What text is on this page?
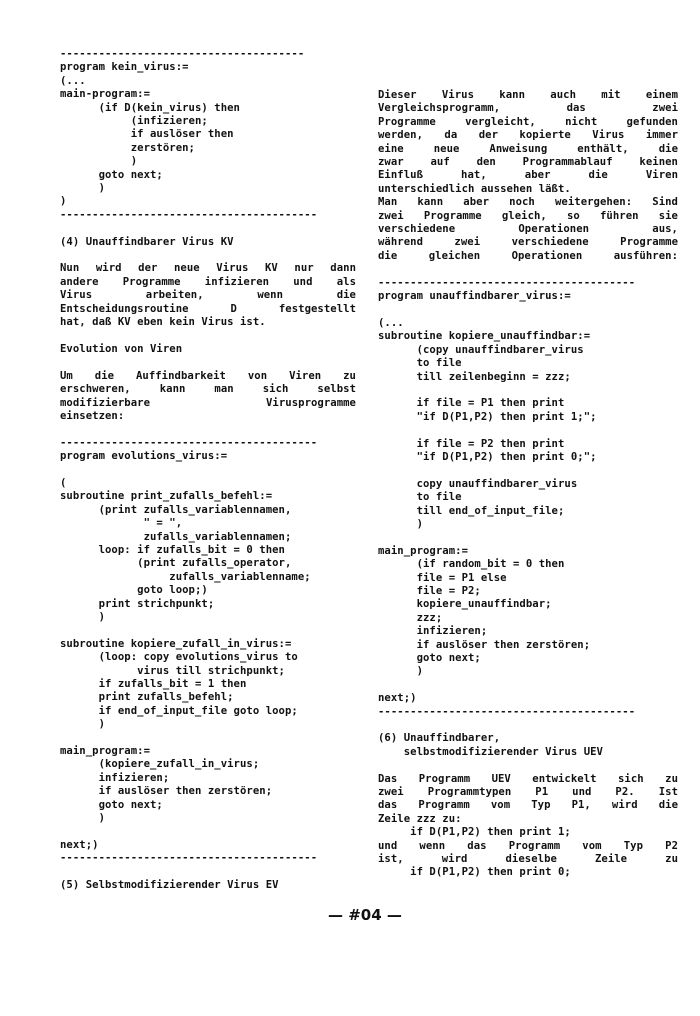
--------------------------------------
program kein_virus:=
(...
main-program:=
(if D(kein_virus) then
(infizieren;
if auslöser then
zerstören;
)
goto next;
)
)
----------------------------------------
(4) Unauffindbarer Virus KV
Nun wird der neue Virus KV nur dann
andere Programme infizieren und als
Virus arbeiten, wenn die
Entscheidungsroutine D festgestellt
hat, daß KV eben kein Virus ist.
Evolution von Viren
Um die Auffindbarkeit von Viren zu
erschweren, kann man sich selbst
modifizierbare Virusprogramme
einsetzen:
----------------------------------------
program evolutions_virus:=
(
subroutine print_zufalls_befehl:=
(print zufalls_variablennamen,
" = ",
zufalls_variablennamen;
loop: if zufalls_bit = 0 then
(print zufalls_operator,
zufalls_variablenname;
goto loop;)
print strichpunkt;
)
subroutine kopiere_zufall_in_virus:=
(loop: copy evolutions_virus to
virus till strichpunkt;
if zufalls_bit = 1 then
print zufalls_befehl;
if end_of_input_file goto loop;
)
main_program:=
(kopiere_zufall_in_virus;
infizieren;
if auslöser then zerstören;
goto next;
)
next;)
----------------------------------------
(5) Selbstmodifizierender Virus EV
Dieser Virus kann auch mit einem
Vergleichsprogramm, das zwei
Programme vergleicht, nicht gefunden
werden, da der kopierte Virus immer
eine neue Anweisung enthält, die
zwar auf den Programmablauf keinen
Einfluß hat, aber die Viren
unterschiedlich aussehen läßt.
Man kann aber noch weitergehen: Sind
zwei Programme gleich, so führen sie
verschiedene Operationen aus,
während zwei verschiedene Programme
die gleichen Operationen ausführen:
----------------------------------------
program unauffindbarer_virus:=
(...
subroutine kopiere_unauffindbar:=
(copy unauffindbarer_virus
to file
till zeilenbeginn = zzz;
if file = P1 then print
"if D(P1,P2) then print 1;";
if file = P2 then print
"if D(P1,P2) then print 0;";
copy unauffindbarer_virus
to file
till end_of_input_file;
)
main_program:=
(if random_bit = 0 then
file = P1 else
file = P2;
kopiere_unauffindbar;
zzz;
infizieren;
if auslöser then zerstören;
goto next;
)
next;)
----------------------------------------
(6) Unauffindbarer,
selbstmodifizierender Virus UEV
Das Programm UEV entwickelt sich zu
zwei Programmtypen P1 und P2. Ist
das Programm vom Typ P1, wird die
Zeile zzz zu:
if D(P1,P2) then print 1;
und wenn das Programm vom Typ P2
ist, wird dieselbe Zeile zu
if D(P1,P2) then print 0;
— #04 —
